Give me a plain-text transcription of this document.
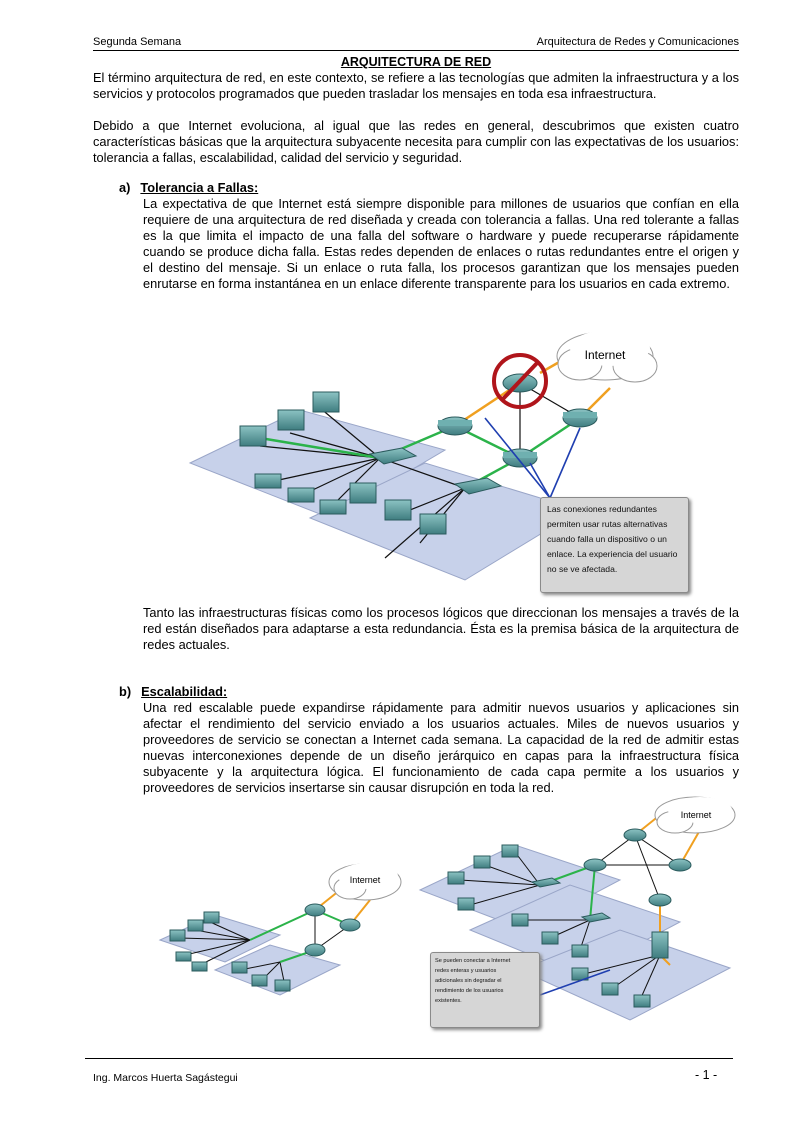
Segunda Semana	Arquitectura de Redes y Comunicaciones
ARQUITECTURA DE RED

El término arquitectura de red, en este contexto, se refiere a las tecnologías que admiten la infraestructura y a los servicios y protocolos programados que pueden trasladar los mensajes en toda esa infraestructura.

Debido a que Internet evoluciona, al igual que las redes en general, descubrimos que existen cuatro características básicas que la arquitectura subyacente necesita para cumplir con las expectativas de los usuarios: tolerancia a fallas, escalabilidad, calidad del servicio y seguridad.

a) Tolerancia a Fallas:

La expectativa de que Internet está siempre disponible para millones de usuarios que confían en ella requiere de una arquitectura de red diseñada y creada con tolerancia a fallas. Una red tolerante a fallas es la que limita el impacto de una falla del software o hardware y puede recuperarse rápidamente cuando se produce dicha falla. Estas redes dependen de enlaces o rutas redundantes entre el origen y el destino del mensaje. Si un enlace o ruta falla, los procesos garantizan que los mensajes pueden enrutarse en forma instantánea en un enlace diferente transparente para los usuarios en cada extremo.

Internet
Las conexiones redundantes
permiten usar rutas alternativas
cuando falla un dispositivo o un
enlace. La experiencia del usuario
no se ve afectada.

Tanto las infraestructuras físicas como los procesos lógicos que direccionan los mensajes a través de la red están diseñados para adaptarse a esta redundancia. Ésta es la premisa básica de la arquitectura de redes actuales.

b) Escalabilidad:

Una red escalable puede expandirse rápidamente para admitir nuevos usuarios y aplicaciones sin afectar el rendimiento del servicio enviado a los usuarios actuales. Miles de nuevos usuarios y proveedores de servicio se conectan a Internet cada semana. La capacidad de la red de admitir estas nuevas interconexiones depende de un diseño jerárquico en capas para la infraestructura física subyacente y la arquitectura lógica. El funcionamiento de cada capa permite a los usuarios y proveedores de servicios insertarse sin causar disrupción en toda la red.

Internet
Internet
Se pueden conectar a Internet
redes enteras y usuarios
adicionales sin degradar el
rendimiento de los usuarios
existentes.
Ing. Marcos Huerta Sagástegui	- 1 -
